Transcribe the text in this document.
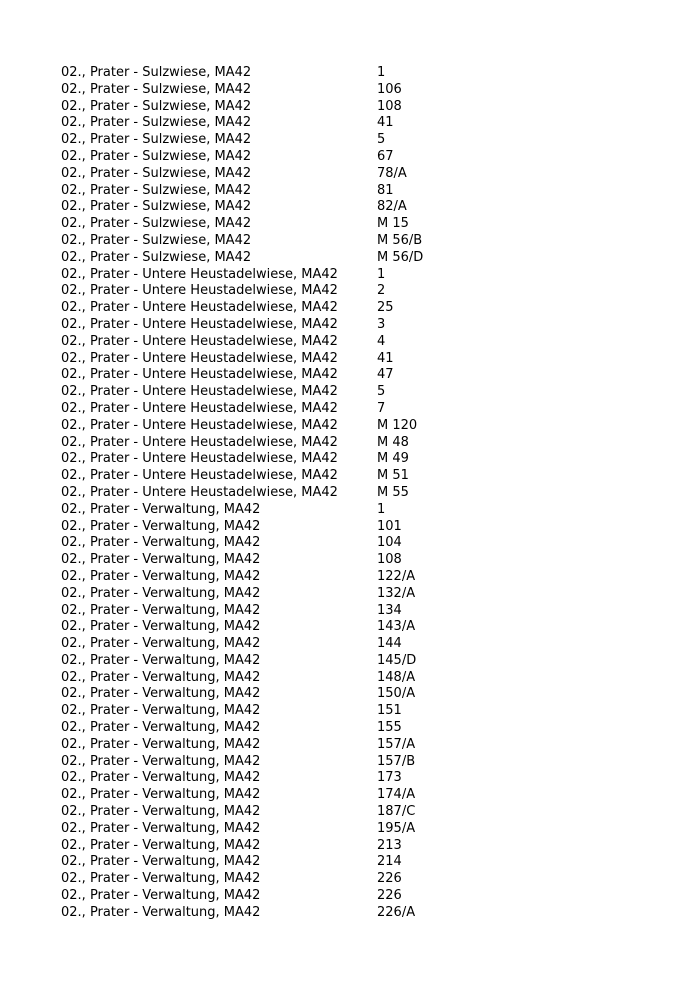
02., Prater - Sulzwiese, MA42	1
02., Prater - Sulzwiese, MA42	106
02., Prater - Sulzwiese, MA42	108
02., Prater - Sulzwiese, MA42	41
02., Prater - Sulzwiese, MA42	5
02., Prater - Sulzwiese, MA42	67
02., Prater - Sulzwiese, MA42	78/A
02., Prater - Sulzwiese, MA42	81
02., Prater - Sulzwiese, MA42	82/A
02., Prater - Sulzwiese, MA42	M 15
02., Prater - Sulzwiese, MA42	M 56/B
02., Prater - Sulzwiese, MA42	M 56/D
02., Prater - Untere Heustadelwiese, MA42	1
02., Prater - Untere Heustadelwiese, MA42	2
02., Prater - Untere Heustadelwiese, MA42	25
02., Prater - Untere Heustadelwiese, MA42	3
02., Prater - Untere Heustadelwiese, MA42	4
02., Prater - Untere Heustadelwiese, MA42	41
02., Prater - Untere Heustadelwiese, MA42	47
02., Prater - Untere Heustadelwiese, MA42	5
02., Prater - Untere Heustadelwiese, MA42	7
02., Prater - Untere Heustadelwiese, MA42	M 120
02., Prater - Untere Heustadelwiese, MA42	M 48
02., Prater - Untere Heustadelwiese, MA42	M 49
02., Prater - Untere Heustadelwiese, MA42	M 51
02., Prater - Untere Heustadelwiese, MA42	M 55
02., Prater - Verwaltung, MA42	1
02., Prater - Verwaltung, MA42	101
02., Prater - Verwaltung, MA42	104
02., Prater - Verwaltung, MA42	108
02., Prater - Verwaltung, MA42	122/A
02., Prater - Verwaltung, MA42	132/A
02., Prater - Verwaltung, MA42	134
02., Prater - Verwaltung, MA42	143/A
02., Prater - Verwaltung, MA42	144
02., Prater - Verwaltung, MA42	145/D
02., Prater - Verwaltung, MA42	148/A
02., Prater - Verwaltung, MA42	150/A
02., Prater - Verwaltung, MA42	151
02., Prater - Verwaltung, MA42	155
02., Prater - Verwaltung, MA42	157/A
02., Prater - Verwaltung, MA42	157/B
02., Prater - Verwaltung, MA42	173
02., Prater - Verwaltung, MA42	174/A
02., Prater - Verwaltung, MA42	187/C
02., Prater - Verwaltung, MA42	195/A
02., Prater - Verwaltung, MA42	213
02., Prater - Verwaltung, MA42	214
02., Prater - Verwaltung, MA42	226
02., Prater - Verwaltung, MA42	226
02., Prater - Verwaltung, MA42	226/A
